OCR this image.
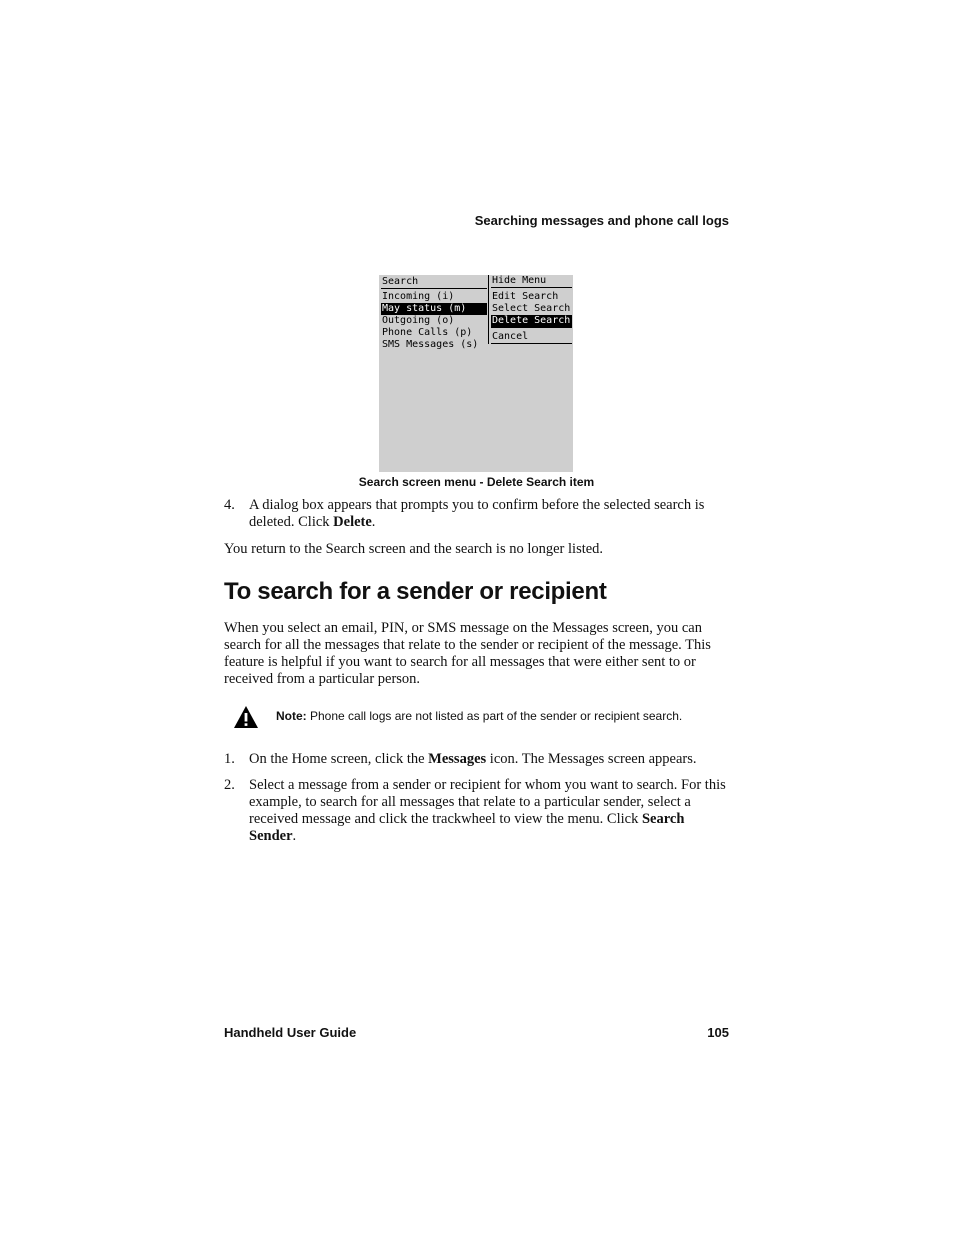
Searching messages and phone call logs
Search
Incoming (i)
May status (m)
Outgoing (o)
Phone Calls (p)
SMS Messages (s)
Hide Menu
Edit Search
Select Search
Delete Search
Cancel
Search screen menu - Delete Search item
4. A dialog box appears that prompts you to confirm before the selected search is deleted. Click Delete.
You return to the Search screen and the search is no longer listed.
To search for a sender or recipient
When you select an email, PIN, or SMS message on the Messages screen, you can search for all the messages that relate to the sender or recipient of the message. This feature is helpful if you want to search for all messages that were either sent to or received from a particular person.
Note: Phone call logs are not listed as part of the sender or recipient search.
1. On the Home screen, click the Messages icon. The Messages screen appears.
2. Select a message from a sender or recipient for whom you want to search. For this example, to search for all messages that relate to a particular sender, select a received message and click the trackwheel to view the menu. Click Search Sender.
Handheld User Guide	105
